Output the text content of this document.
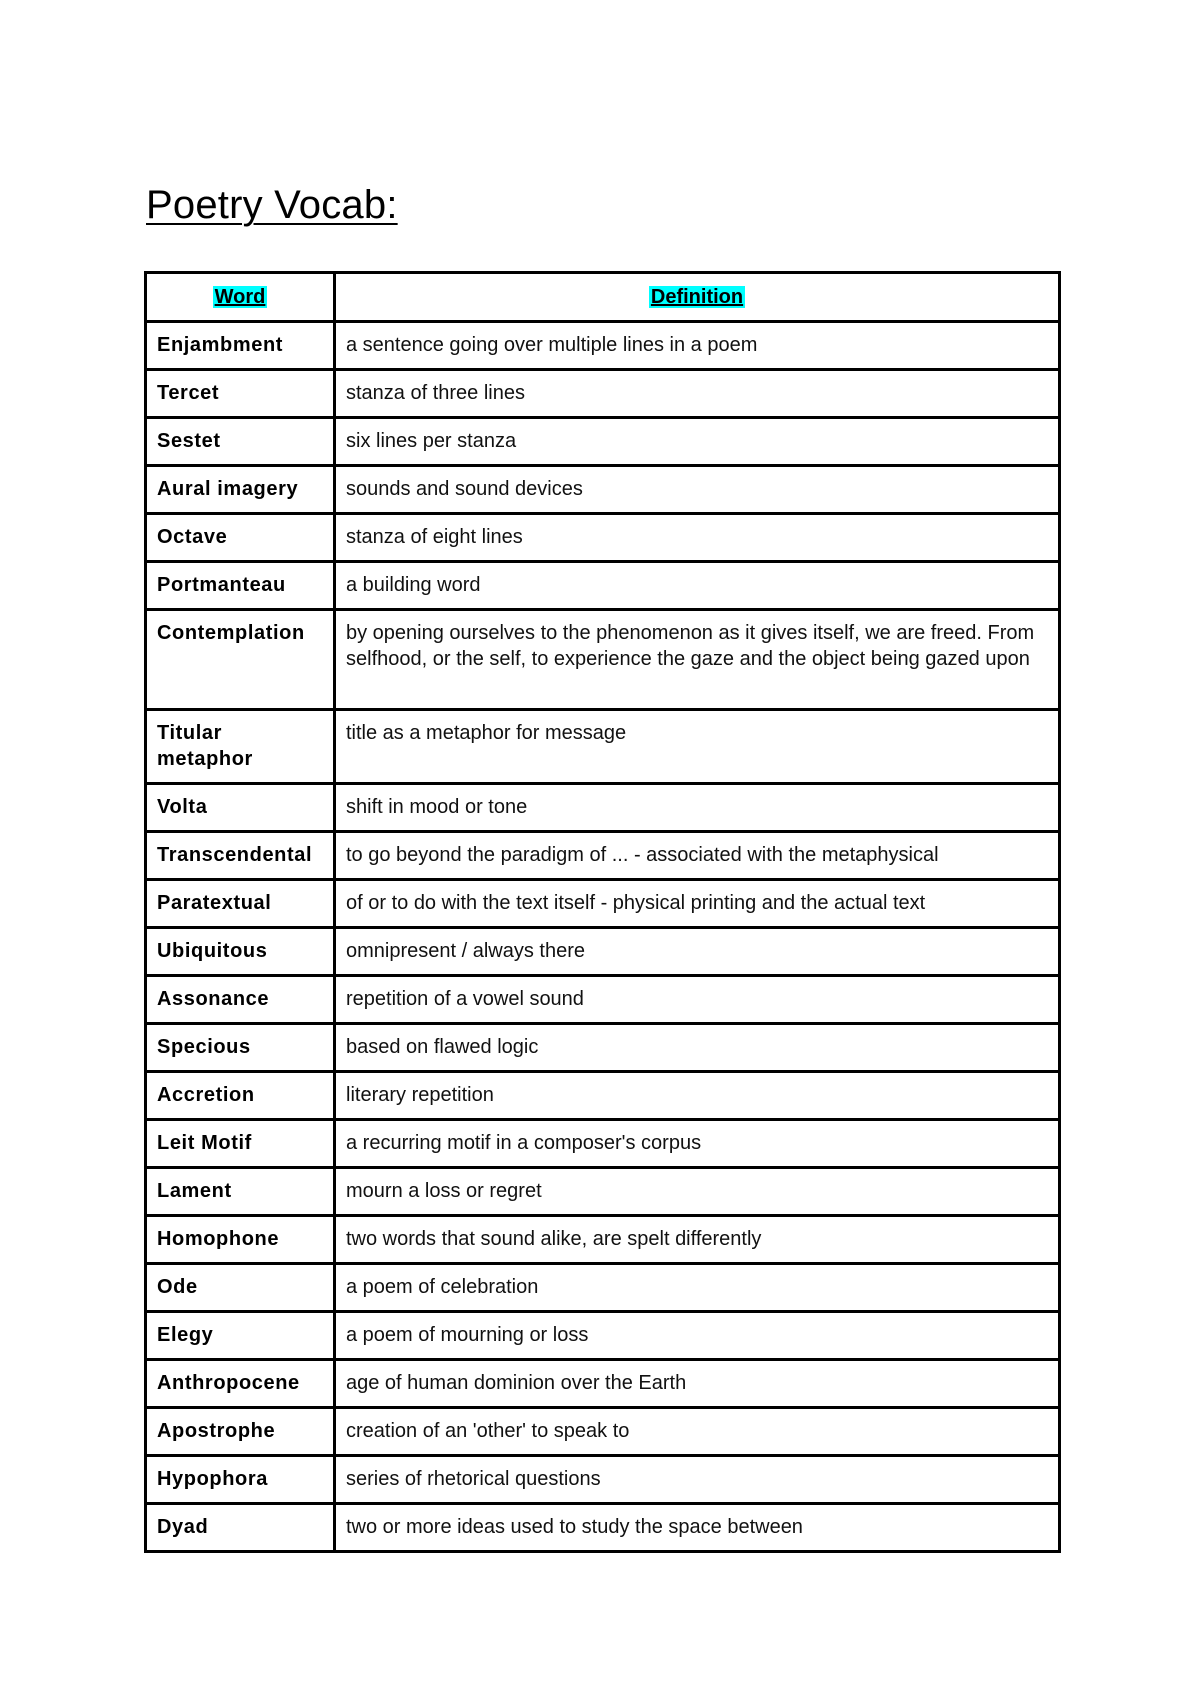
Poetry Vocab:
Word	Definition
Enjambment	a sentence going over multiple lines in a poem
Tercet	stanza of three lines
Sestet	six lines per stanza
Aural imagery	sounds and sound devices
Octave	stanza of eight lines
Portmanteau	a building word
Contemplation	by opening ourselves to the phenomenon as it gives itself, we are freed. From selfhood, or the self, to experience the gaze and the object being gazed upon
Titular metaphor	title as a metaphor for message
Volta	shift in mood or tone
Transcendental	to go beyond the paradigm of ... - associated with the metaphysical
Paratextual	of or to do with the text itself - physical printing and the actual text
Ubiquitous	omnipresent / always there
Assonance	repetition of a vowel sound
Specious	based on flawed logic
Accretion	literary repetition
Leit Motif	a recurring motif in a composer's corpus
Lament	mourn a loss or regret
Homophone	two words that sound alike, are spelt differently
Ode	a poem of celebration
Elegy	a poem of mourning or loss
Anthropocene	age of human dominion over the Earth
Apostrophe	creation of an 'other' to speak to
Hypophora	series of rhetorical questions
Dyad	two or more ideas used to study the space between
